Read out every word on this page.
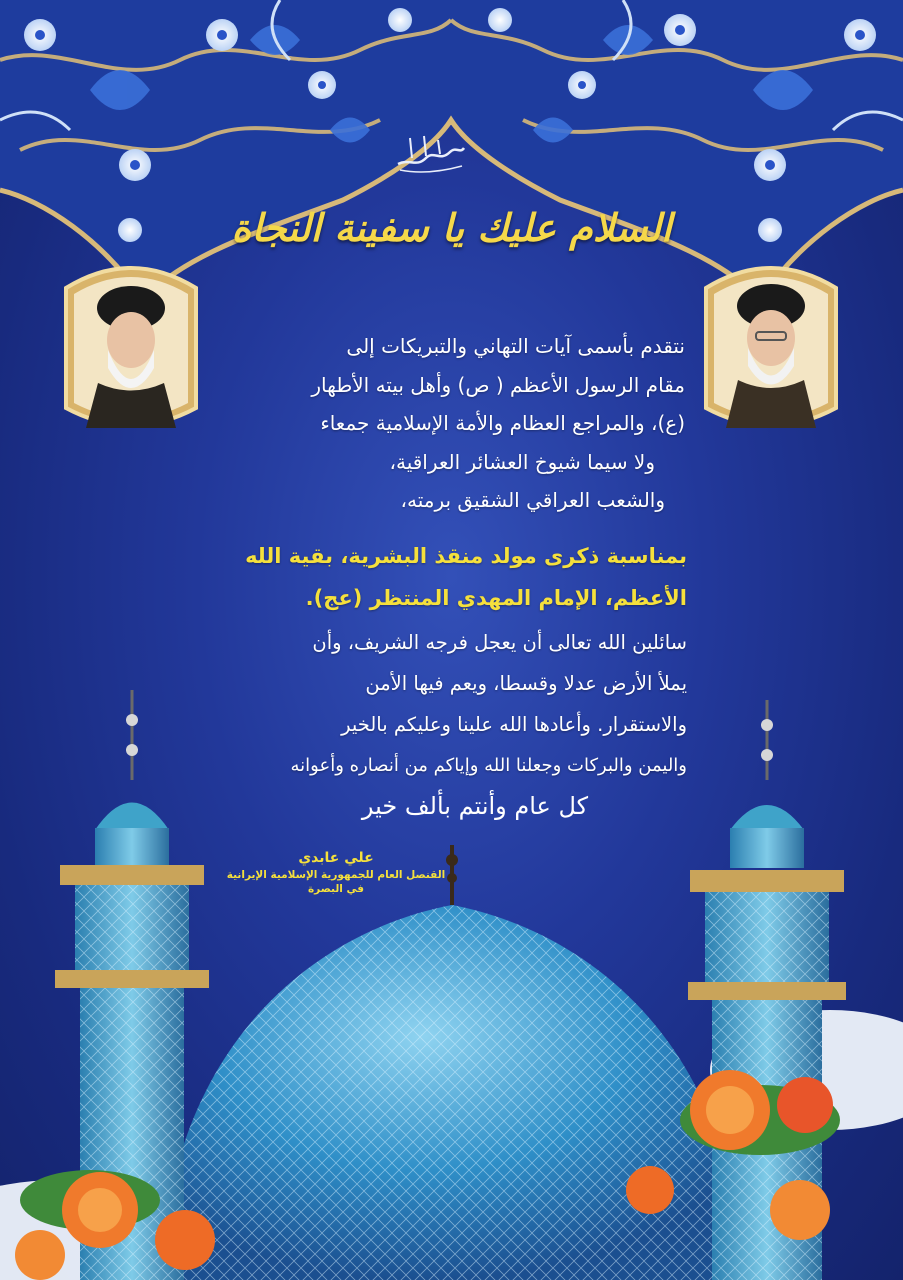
السلام عليك يا سفينة النجاة
نتقدم بأسمى آيات التهاني والتبريكات إلى
مقام الرسول الأعظم ( ص) وأهل بيته الأطهار
(ع)، والمراجع العظام والأمة الإسلامية جمعاء
ولا سيما شيوخ العشائر العراقية،
والشعب العراقي الشقيق برمته،
بمناسبة ذكرى مولد منقذ البشرية، بقية الله
الأعظم، الإمام المهدي المنتظر (عج).
سائلين الله تعالى أن يعجل فرجه الشريف، وأن
يملأ الأرض عدلا وقسطا، ويعم فيها الأمن
والاستقرار. وأعادها الله علينا وعليكم بالخير
واليمن والبركات وجعلنا الله وإياكم من أنصاره وأعوانه
كل عام وأنتم بألف خير
علي عابدي
القنصل العام للجمهورية الإسلامية الإيرانية
في البصرة
